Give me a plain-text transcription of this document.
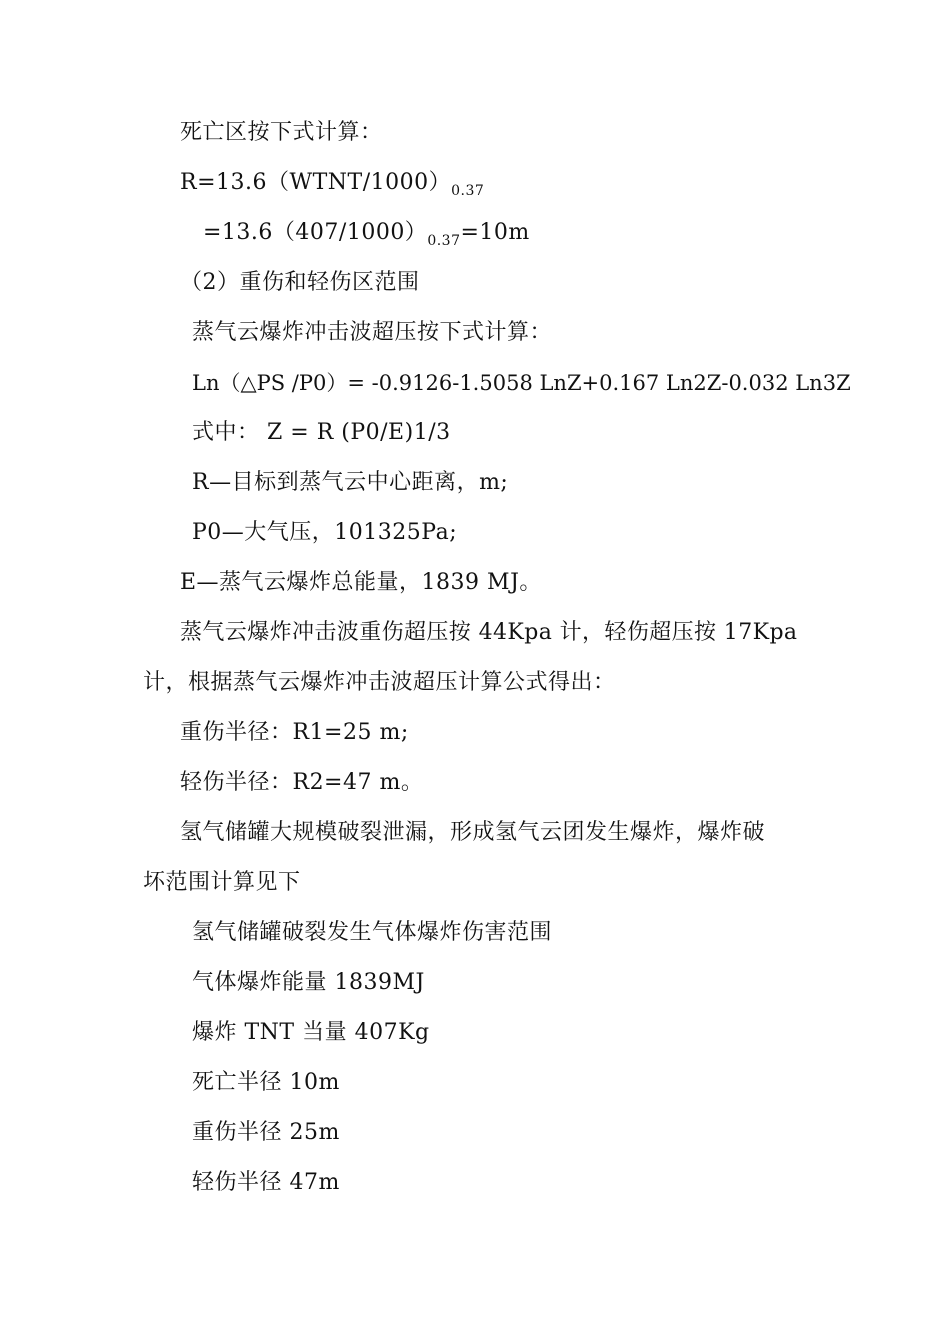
死亡区按下式计算：
$R=13.6(WTNT/1000)_{0.37}$
$=13.6(407/1000)_{0.37}=10m$
（2）重伤和轻伤区范围
蒸气云爆炸冲击波超压按下式计算：
Ln（△PS /P0）= -0.9126-1.5058 LnZ+0.167 Ln2Z-0.032 Ln3Z
式中： Z = R (P0/E)1/3
R—目标到蒸气云中心距离，m;
P0—大气压，101325Pa;
E—蒸气云爆炸总能量，1839 MJ。
蒸气云爆炸冲击波重伤超压按 44Kpa 计，轻伤超压按 17Kpa
计，根据蒸气云爆炸冲击波超压计算公式得出：
重伤半径：R1=25 m;
轻伤半径：R2=47 m。
氢气储罐大规模破裂泄漏，形成氢气云团发生爆炸，爆炸破
坏范围计算见下
氢气储罐破裂发生气体爆炸伤害范围
气体爆炸能量 1839MJ
爆炸 TNT 当量 407Kg
死亡半径 10m
重伤半径 25m
轻伤半径 47m
